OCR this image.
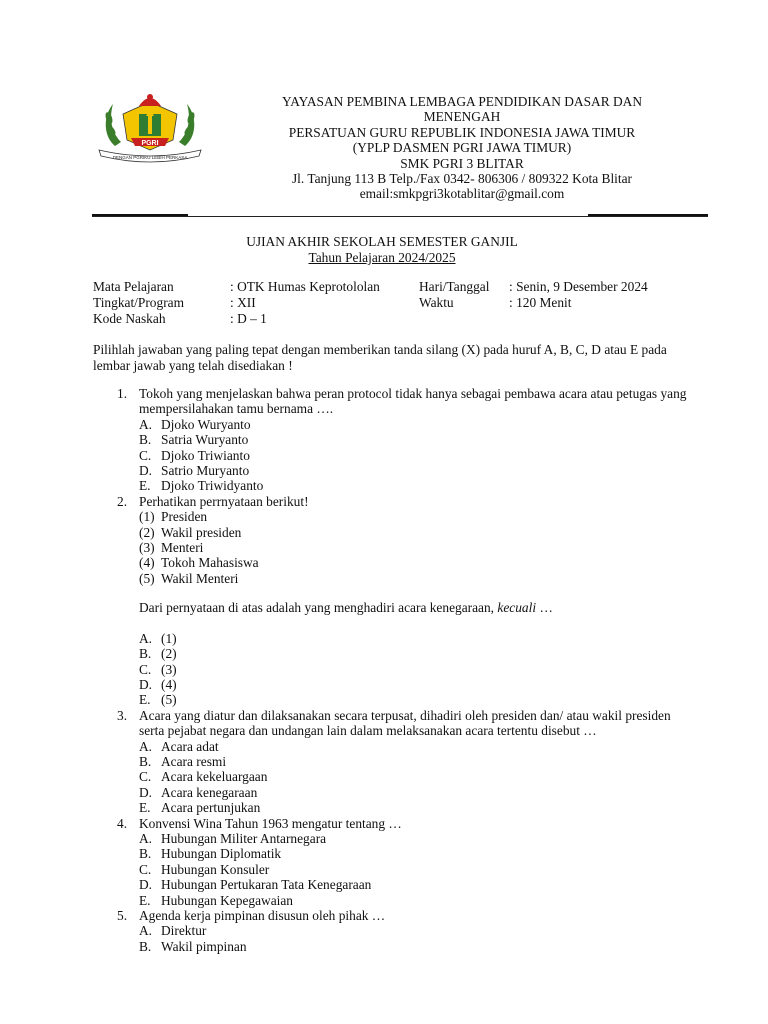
PGRI
DENGAN PGRIKU LEBIH PERKASA
YAYASAN PEMBINA LEMBAGA PENDIDIKAN DASAR DAN
MENENGAH
PERSATUAN GURU REPUBLIK INDONESIA JAWA TIMUR
(YPLP DASMEN PGRI JAWA TIMUR)
SMK PGRI 3 BLITAR
Jl. Tanjung 113 B Telp./Fax 0342- 806306 / 809322 Kota Blitar
email:smkpgri3kotablitar@gmail.com
UJIAN AKHIR SEKOLAH SEMESTER GANJIL
Tahun Pelajaran 2024/2025
Mata Pelajaran	: OTK Humas Keprotololan	Hari/Tanggal : Senin, 9 Desember 2024
Tingkat/Program	: XII	Waktu	: 120 Menit
Kode Naskah	: D – 1
Pilihlah jawaban yang paling tepat dengan memberikan tanda silang (X) pada huruf A, B, C, D atau E pada lembar jawab yang telah disediakan !
1. Tokoh yang menjelaskan bahwa peran protocol tidak hanya sebagai pembawa acara atau petugas yang mempersilahakan tamu bernama ….
A. Djoko Wuryanto
B. Satria Wuryanto
C. Djoko Triwianto
D. Satrio Muryanto
E. Djoko Triwidyanto
2. Perhatikan perrnyataan berikut!
(1) Presiden
(2) Wakil presiden
(3) Menteri
(4) Tokoh Mahasiswa
(5) Wakil Menteri
Dari pernyataan di atas adalah yang menghadiri acara kenegaraan, kecuali …
A. (1)
B. (2)
C. (3)
D. (4)
E. (5)
3. Acara yang diatur dan dilaksanakan secara terpusat, dihadiri oleh presiden dan/ atau wakil presiden serta pejabat negara dan undangan lain dalam melaksanakan acara tertentu disebut …
A. Acara adat
B. Acara resmi
C. Acara kekeluargaan
D. Acara kenegaraan
E. Acara pertunjukan
4. Konvensi Wina Tahun 1963 mengatur tentang …
A. Hubungan Militer Antarnegara
B. Hubungan Diplomatik
C. Hubungan Konsuler
D. Hubungan Pertukaran Tata Kenegaraan
E. Hubungan Kepegawaian
5. Agenda kerja pimpinan disusun oleh pihak …
A. Direktur
B. Wakil pimpinan
